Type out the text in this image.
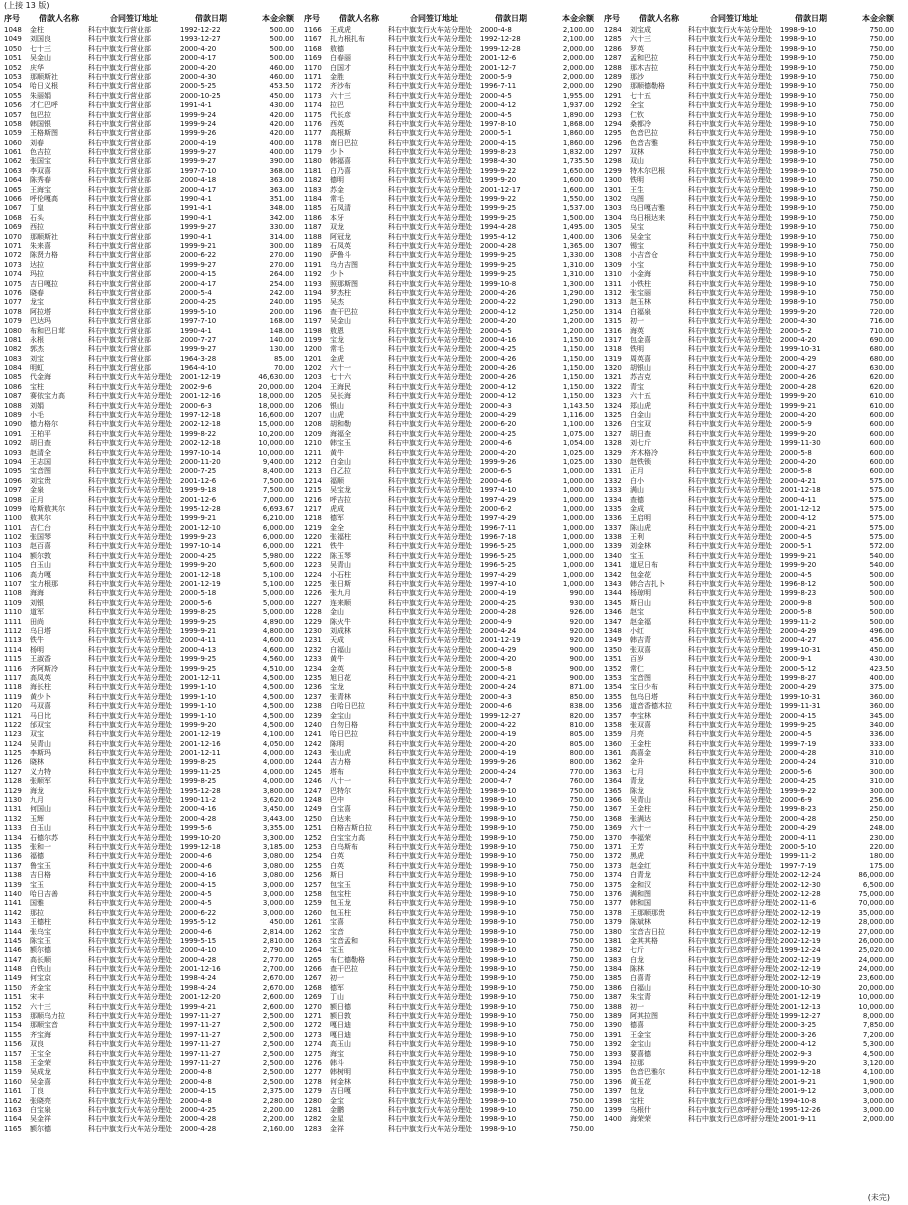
(上接 13 版)
序号	借款人名称	合同签订地址	借款日期	本金余额
1048	金柱	科右中旗支行营业部	1992-12-22	500.00
1049	刘国良	科右中旗支行营业部	1993-12-27	500.00
1050	七十三	科右中旗支行营业部	2000-4-20	500.00
1051	吴金山	科右中旗支行营业部	2000-4-17	500.00
1052	庆华	科右中旗支行营业部	2000-4-20	460.00
1053	那顺斯社	科右中旗支行营业部	2000-4-30	460.00
1054	哈日义根	科右中旗支行营业部	2000-5-25	453.50
1055	朱丽娟	科右中旗支行营业部	2000-10-25	450.00
1056	才仁巴呼	科右中旗支行营业部	1991-4-1	430.00
1057	包巴拉	科右中旗支行营业部	1999-9-24	420.00
1058	韩国银	科右中旗支行营业部	1999-9-24	420.00
1059	王格斯图	科右中旗支行营业部	1999-9-26	420.00
1060	刘春	科右中旗支行营业部	2000-4-19	400.00
1061	色吉拉	科右中旗支行营业部	1999-9-27	400.00
1062	张国宝	科右中旗支行营业部	1999-9-27	390.00
1063	李双喜	科右中旗支行营业部	1997-7-10	368.00
1064	陈秀春	科右中旗支行营业部	2000-4-18	363.00
1065	王海宝	科右中旗支行营业部	2000-4-17	363.00
1066	呼伦嘎高	科右中旗支行营业部	1990-4-1	351.00
1067	丁皇	科右中旗支行营业部	1991-4-1	348.00
1068	石头	科右中旗支行营业部	1990-4-1	342.00
1069	西拉	科右中旗支行营业部	1999-9-27	330.00
1070	那顺斯社	科右中旗支行营业部	1990-4-1	314.00
1071	朱来喜	科右中旗支行营业部	1999-9-21	300.00
1072	陈贤力格	科右中旗支行营业部	2000-6-22	270.00
1073	达拉	科右中旗支行营业部	1999-9-27	270.00
1074	玛拉	科右中旗支行营业部	2000-4-15	264.00
1075	吉日嘎拉	科右中旗支行营业部	2000-4-17	254.00
1076	晓春	科右中旗支行营业部	2000-5-4	242.00
1077	龙宝	科右中旗支行营业部	2000-4-25	240.00
1078	阿拉塔	科右中旗支行营业部	1999-5-10	200.00
1079	巴达玛	科右中旗支行营业部	1997-7-10	168.00
1080	布和巴日茸	科右中旗支行营业部	1990-4-1	148.00
1081	永根	科右中旗支行营业部	2000-7-27	140.00
1082	郭杰	科右中旗支行营业部	1999-9-27	130.00
1083	刘宝	科右中旗支行营业部	1964-3-28	85.00
1084	明虹	科右中旗支行营业部	1964-4-10	70.00
1085	代金海	科右中旗支行火车站分理处	2001-12-19	46,630.00
1086	宝柱	科右中旗支行火车站分理处	2002-9-6	20,000.00
1087	赛依宝力高	科右中旗支行火车站分理处	2001-12-16	18,000.00
1088	刘娟	科右中旗支行火车站分理处	2000-6-3	18,000.00
1089	小毛	科右中旗支行火车站分理处	1997-12-18	16,600.00
1090	德力格尔	科右中旗支行火车站分理处	2002-12-18	15,000.00
1091	王柏平	科右中旗支行火车站分理处	1999-8-22	10,200.00
1092	胡日查	科右中旗支行火车站分理处	2002-12-18	10,000.00
1093	赵清全	科右中旗支行火车站分理处	1997-10-14	10,000.00
1094	王志国	科右中旗支行火车站分理处	2000-11-20	9,400.00
1095	宝音图	科右中旗支行火车站分理处	2000-7-25	8,400.00
1096	刘宝贵	科右中旗支行火车站分理处	2001-12-6	7,500.00
1097	金泉	科右中旗支行火车站分理处	1999-9-18	7,500.00
1098	正月	科右中旗支行火车站分理处	2001-12-6	7,000.00
1099	哈斯敖其尔	科右中旗支行火车站分理处	1995-12-28	6,693.67
1100	敖其尔	科右中旗支行火车站分理处	1999-9-21	6,210.00
1101	吉仁台	科右中旗支行火车站分理处	2001-12-10	6,000.00
1102	张国琴	科右中旗支行火车站分理处	1999-9-23	6,000.00
1103	赵百喜	科右中旗支行火车站分理处	1997-10-14	6,000.00
1104	额尔敦	科右中旗支行火车站分理处	2000-4-25	5,980.00
1105	白玉山	科右中旗支行火车站分理处	1999-9-20	5,600.00
1106	高力嘎	科右中旗支行火车站分理处	2001-12-18	5,100.00
1107	宝力根那	科右中旗支行火车站分理处	2001-12-19	5,100.00
1108	海海	科右中旗支行火车站分理处	2000-5-18	5,000.00
1109	刘银	科右中旗支行火车站分理处	2000-5-6	5,000.00
1110	道军	科右中旗支行火车站分理处	1999-8-25	5,000.00
1111	田尚	科右中旗支行火车站分理处	1999-9-25	4,890.00
1112	乌日塔	科右中旗支行火车站分理处	1999-9-21	4,800.00
1113	铁牛	科右中旗支行火车站分理处	2000-4-11	4,600.00
1114	杨明	科右中旗支行火车站分理处	2000-4-13	4,600.00
1115	王淑香	科右中旗支行火车站分理处	1999-9-25	4,560.00
1116	齐阿斯冷	科右中旗支行火车站分理处	1999-9-25	4,510.00
1117	高凤英	科右中旗支行火车站分理处	2001-12-11	4,500.00
1118	海长柱	科右中旗支行火车站分理处	1999-1-10	4,500.00
1119	黄少卜	科右中旗支行火车站分理处	1999-1-10	4,500.00
1120	马双喜	科右中旗支行火车站分理处	1999-1-10	4,500.00
1121	马日比	科右中旗支行火车站分理处	1999-1-10	4,500.00
1122	邰双宝	科右中旗支行火车站分理处	1999-9-20	4,500.00
1123	双宝	科右中旗支行火车站分理处	2001-12-19	4,100.00
1124	吴青山	科右中旗支行火车站分理处	2001-12-16	4,050.00
1125	李斯玛	科右中旗支行火车站分理处	2001-12-11	4,000.00
1126	晓林	科右中旗支行火车站分理处	1999-8-25	4,000.00
1127	义力特	科右中旗支行火车站分理处	1999-11-25	4,000.00
1128	张顺军	科右中旗支行火车站分理处	1999-8-25	4,000.00
1129	海龙	科右中旗支行火车站分理处	1995-12-28	3,800.00
1130	九月	科右中旗支行火车站分理处	1990-11-2	3,620.00
1131	何国山	科右中旗支行火车站分理处	2000-4-16	3,450.00
1132	玉辉	科右中旗支行火车站分理处	2000-4-28	3,443.00
1133	白玉山	科右中旗支行火车站分理处	1999-5-6	3,355.00
1134	石德尔苏	科右中旗支行火车站分理处	1999-10-20	3,300.00
1135	张和一	科右中旗支行火车站分理处	1999-12-18	3,185.00
1136	福德	科右中旗支行火车站分理处	2000-4-6	3,080.00
1137	鲁宝玉	科右中旗支行火车站分理处	2000-4-6	3,080.00
1138	吉日格	科右中旗支行火车站分理处	2000-4-16	3,080.00
1139	宝玉	科右中旗支行火车站分理处	2000-4-15	3,000.00
1140	哈日吉善	科右中旗支行火车站分理处	2000-4-5	3,000.00
1141	国雅	科右中旗支行火车站分理处	2000-4-5	3,000.00
1142	那拉	科右中旗支行火车站分理处	2000-6-22	3,000.00
1143	王德柱	科右中旗支行火车站分理处	1995-5-12	450.00
1144	张乌宝	科右中旗支行火车站分理处	2000-4-6	2,814.00
1145	陈宝玉	科右中旗支行火车站分理处	1999-5-15	2,810.00
1146	额尔德	科右中旗支行火车站分理处	2000-4-10	2,790.00
1147	高长顺	科右中旗支行火车站分理处	2000-4-28	2,770.00
1148	白铁山	科右中旗支行火车站分理处	2001-12-16	2,700.00
1149	何宝京	科右中旗支行火车站分理处	1998-4-24	2,670.00
1150	齐金宝	科右中旗支行火车站分理处	1998-4-24	2,670.00
1151	宋丰	科右中旗支行火车站分理处	2001-12-20	2,600.00
1152	六十三	科右中旗支行火车站分理处	1999-4-21	2,600.00
1153	那顺乌力拉	科右中旗支行火车站分理处	1997-11-27	2,500.00
1154	那顺宝音	科右中旗支行火车站分理处	1997-11-27	2,500.00
1155	齐宝海	科右中旗支行火车站分理处	1997-11-27	2,500.00
1156	双良	科右中旗支行火车站分理处	1997-11-27	2,500.00
1157	王宝全	科右中旗支行火车站分理处	1997-11-27	2,500.00
1158	王金荣	科右中旗支行火车站分理处	1997-11-27	2,500.00
1159	吴成龙	科右中旗支行火车站分理处	2000-4-8	2,500.00
1160	吴金喜	科右中旗支行火车站分理处	2000-4-8	2,500.00
1161	丁良	科右中旗支行火车站分理处	2000-4-15	2,375.00
1162	张晓亮	科右中旗支行火车站分理处	2000-4-8	2,280.00
1163	白宝泉	科右中旗支行火车站分理处	2000-4-25	2,200.00
1164	吴金祥	科右中旗支行火车站分理处	2000-4-28	2,200.00
1165	额尔德	科右中旗支行火车站分理处	2000-4-28	2,160.00
序号	借款人名称	合同签订地址	借款日期	本金余额
1166	王成虎	科右中旗支行火车站分理处	2000-4-8	2,100.00
1167	扎力根扎布	科右中旗支行火车站分理处	1992-12-28	2,100.00
1168	敖德	科右中旗支行火车站分理处	1999-12-28	2,000.00
1169	白春丽	科右中旗支行火车站分理处	2001-12-6	2,000.00
1170	白国才	科右中旗支行火车站分理处	2001-12-7	2,000.00
1171	金胜	科右中旗支行火车站分理处	2000-5-9	2,000.00
1172	齐沙布	科右中旗支行火车站分理处	1996-7-11	2,000.00
1173	六十三	科右中旗支行火车站分理处	2000-4-5	1,955.00
1174	拉巴	科右中旗支行火车站分理处	2000-4-12	1,937.00
1175	代长彦	科右中旗支行火车站分理处	2000-4-5	1,890.00
1176	西英	科右中旗支行火车站分理处	1997-8-10	1,868.00
1177	高根斯	科右中旗支行火车站分理处	2000-5-1	1,860.00
1178	南日巴拉	科右中旗支行火车站分理处	2000-4-15	1,860.00
1179	少卜	科右中旗支行火车站分理处	1999-8-23	1,832.00
1180	韩福喜	科右中旗支行火车站分理处	1998-4-30	1,735.50
1181	白乃喜	科右中旗支行火车站分理处	1999-9-22	1,650.00
1182	德明	科右中旗支行火车站分理处	1999-9-20	1,600.00
1183	苏金	科右中旗支行火车站分理处	2001-12-17	1,600.00
1184	常毛	科右中旗支行火车站分理处	1999-9-22	1,550.00
1185	石凤清	科右中旗支行火车站分理处	1999-9-25	1,537.00
1186	本牙	科右中旗支行火车站分理处	1999-9-25	1,500.00
1187	双龙	科右中旗支行火车站分理处	1994-4-28	1,495.00
1188	阿冠龙	科右中旗支行火车站分理处	1995-4-12	1,400.00
1189	石凤英	科右中旗支行火车站分理处	2000-4-28	1,365.00
1190	萨鲁斗	科右中旗支行火车站分理处	1999-9-25	1,330.00
1191	乌力吉图	科右中旗支行火车站分理处	1999-9-25	1,310.00
1192	少卜	科右中旗支行火车站分理处	1999-9-25	1,310.00
1193	照那斯图	科右中旗支行火车站分理处	1999-10-8	1,300.00
1194	罗杰柱	科右中旗支行火车站分理处	2000-4-26	1,290.00
1195	吴杰	科右中旗支行火车站分理处	2000-4-22	1,290.00
1196	查干巴拉	科右中旗支行火车站分理处	2000-4-12	1,250.00
1197	吴金山	科右中旗支行火车站分理处	2000-4-20	1,200.00
1198	敖恩	科右中旗支行火车站分理处	2000-4-5	1,200.00
1199	宝龙	科右中旗支行火车站分理处	2000-4-16	1,150.00
1200	常毛	科右中旗支行火车站分理处	2000-4-25	1,150.00
1201	金虎	科右中旗支行火车站分理处	2000-4-26	1,150.00
1202	六十一	科右中旗支行火车站分理处	2000-4-26	1,150.00
1203	七十六	科右中旗支行火车站分理处	2000-4-26	1,150.00
1204	王海民	科右中旗支行火车站分理处	2000-4-12	1,150.00
1205	吴长海	科右中旗支行火车站分理处	2000-4-12	1,150.00
1206	银山	科右中旗支行火车站分理处	2000-4-3	1,143.50
1207	山虎	科右中旗支行火车站分理处	2000-4-29	1,116.00
1208	胡和勒	科右中旗支行火车站分理处	2000-6-20	1,100.00
1209	海福全	科右中旗支行火车站分理处	2000-4-25	1,075.00
1210	韩宝玉	科右中旗支行火车站分理处	2000-4-6	1,054.00
1211	黄牛	科右中旗支行火车站分理处	2000-4-20	1,025.00
1212	白金山	科右中旗支行火车站分理处	1999-9-26	1,025.00
1213	白乙拉	科右中旗支行火车站分理处	2000-6-5	1,000.00
1214	福顺	科右中旗支行火车站分理处	2000-4-6	1,000.00
1215	吴宝龙	科右中旗支行火车站分理处	1997-4-10	1,000.00
1216	呼吉拉	科右中旗支行火车站分理处	1997-4-29	1,000.00
1217	虎成	科右中旗支行火车站分理处	2000-6-2	1,000.00
1218	德军	科右中旗支行火车站分理处	1997-4-29	1,000.00
1219	金全	科右中旗支行火车站分理处	1996-7-11	1,000.00
1220	张福柱	科右中旗支行火车站分理处	1996-7-18	1,000.00
1221	铁牛	科右中旗支行火车站分理处	1996-5-25	1,000.00
1222	陈玉琴	科右中旗支行火车站分理处	1996-5-25	1,000.00
1223	吴青山	科右中旗支行火车站分理处	1996-5-25	1,000.00
1224	小石柱	科右中旗支行火车站分理处	1997-4-29	1,000.00
1225	张日斯	科右中旗支行火车站分理处	1997-4-10	1,000.00
1226	张九月	科右中旗支行火车站分理处	2000-4-19	990.00
1227	连来顺	科右中旗支行火车站分理处	2000-4-25	930.00
1228	金山	科右中旗支行火车站分理处	2000-4-28	926.00
1229	陈火牛	科右中旗支行火车站分理处	2000-4-9	920.00
1230	刘成林	科右中旗支行火车站分理处	2000-4-24	920.00
1231	天成	科右中旗支行火车站分理处	2001-12-19	920.00
1232	白福山	科右中旗支行火车站分理处	2000-4-29	900.00
1233	黄牛	科右中旗支行火车站分理处	2000-4-20	900.00
1234	金英	科右中旗支行火车站分理处	2000-5-8	900.00
1235	旭日花	科右中旗支行火车站分理处	2000-4-21	900.00
1236	宝龙	科右中旗支行火车站分理处	2000-4-24	871.00
1237	张青林	科右中旗支行火车站分理处	2000-4-3	850.00
1238	白哈日巴拉	科右中旗支行火车站分理处	2000-4-6	838.00
1239	金宝山	科右中旗支行火车站分理处	1999-12-27	820.00
1240	白勿日格	科右中旗支行火车站分理处	2000-4-22	810.00
1241	哈日巴拉	科右中旗支行火车站分理处	2000-4-19	805.00
1242	陈明	科右中旗支行火车站分理处	2000-4-20	805.00
1243	张山虎	科右中旗支行火车站分理处	2000-4-19	800.00
1244	吉力格	科右中旗支行火车站分理处	1999-9-26	800.00
1245	塔布	科右中旗支行火车站分理处	2000-4-24	770.00
1246	八十一	科右中旗支行火车站分理处	2000-4-7	760.00
1247	巴特尔	科右中旗支行火车站分理处	1998-9-10	750.00
1248	巴中	科右中旗支行火车站分理处	1998-9-10	750.00
1249	白宝喜	科右中旗支行火车站分理处	1998-9-10	750.00
1250	白达来	科右中旗支行火车站分理处	1998-9-10	750.00
1251	白格吉斯白拉	科右中旗支行火车站分理处	1998-9-10	750.00
1252	白宝宝力高	科右中旗支行火车站分理处	1998-9-10	750.00
1253	白乌斯布	科右中旗支行火车站分理处	1998-9-10	750.00
1254	白英	科右中旗支行火车站分理处	1998-9-10	750.00
1255	白英	科右中旗支行火车站分理处	1998-9-10	750.00
1256	斯日	科右中旗支行火车站分理处	1998-9-10	750.00
1257	包宝玉	科右中旗支行火车站分理处	1998-9-10	750.00
1258	包宝柱	科右中旗支行火车站分理处	1998-9-10	750.00
1259	包玉龙	科右中旗支行火车站分理处	1998-9-10	750.00
1260	包玉柱	科右中旗支行火车站分理处	1998-9-10	750.00
1261	宝喜	科右中旗支行火车站分理处	1998-9-10	750.00
1262	宝音	科右中旗支行火车站分理处	1998-9-10	750.00
1263	宝音孟和	科右中旗支行火车站分理处	1998-9-10	750.00
1264	宝玉	科右中旗支行火车站分理处	1998-9-10	750.00
1265	布仁德勒格	科右中旗支行火车站分理处	1998-9-10	750.00
1266	查干巴拉	科右中旗支行火车站分理处	1998-9-10	750.00
1267	初一	科右中旗支行火车站分理处	1998-9-10	750.00
1268	德军	科右中旗支行火车站分理处	1998-9-10	750.00
1269	丁山	科右中旗支行火车站分理处	1998-9-10	750.00
1270	额日德	科右中旗支行火车站分理处	1998-9-10	750.00
1271	额日敦	科右中旗支行火车站分理处	1998-9-10	750.00
1272	嘎日迪	科右中旗支行火车站分理处	1998-9-10	750.00
1273	嘎日迪	科右中旗支行火车站分理处	1998-9-10	750.00
1274	高玉山	科右中旗支行火车站分理处	1998-9-10	750.00
1275	海宝	科右中旗支行火车站分理处	1998-9-10	750.00
1276	韩斗	科右中旗支行火车站分理处	1998-9-10	750.00
1277	韩树明	科右中旗支行火车站分理处	1998-9-10	750.00
1278	何金林	科右中旗支行火车站分理处	1998-9-10	750.00
1279	吉日嘎	科右中旗支行火车站分理处	1998-9-10	750.00
1280	金宝	科右中旗支行火车站分理处	1998-9-10	750.00
1281	金鹏	科右中旗支行火车站分理处	1998-9-10	750.00
1282	金星	科右中旗支行火车站分理处	1998-9-10	750.00
1283	金祥	科右中旗支行火车站分理处	1998-9-10	750.00
序号	借款人名称	合同签订地址	借款日期	本金余额
1284	刘宝成	科右中旗支行火车站分理处	1998-9-10	750.00
1285	六十三	科右中旗支行火车站分理处	1998-9-10	750.00
1286	罗英	科右中旗支行火车站分理处	1998-9-10	750.00
1287	孟和巴拉	科右中旗支行火车站分理处	1998-9-10	750.00
1288	那木吉拉	科右中旗支行火车站分理处	1998-9-10	750.00
1289	那沙	科右中旗支行火车站分理处	1998-9-10	750.00
1290	那顺德勒格	科右中旗支行火车站分理处	1998-9-10	750.00
1291	七十五	科右中旗支行火车站分理处	1998-9-10	750.00
1292	全宝	科右中旗支行火车站分理处	1998-9-10	750.00
1293	仁钦	科右中旗支行火车站分理处	1998-9-10	750.00
1294	桑都冷	科右中旗支行火车站分理处	1998-9-10	750.00
1295	色音巴拉	科右中旗支行火车站分理处	1998-9-10	750.00
1296	色音吉雅	科右中旗支行火车站分理处	1998-9-10	750.00
1297	双林	科右中旗支行火车站分理处	1998-9-10	750.00
1298	双山	科右中旗支行火车站分理处	1998-9-10	750.00
1299	特木尔巴根	科右中旗支行火车站分理处	1998-9-10	750.00
1300	铁明	科右中旗支行火车站分理处	1998-9-10	750.00
1301	王生	科右中旗支行火车站分理处	1998-9-10	750.00
1302	乌图	科右中旗支行火车站分理处	1998-9-10	750.00
1303	乌日嘎吉雅	科右中旗支行火车站分理处	1998-9-10	750.00
1304	乌日根达来	科右中旗支行火车站分理处	1998-9-10	750.00
1305	吴宝	科右中旗支行火车站分理处	1998-9-10	750.00
1306	吴金宝	科右中旗支行火车站分理处	1998-9-10	750.00
1307	锡宝	科右中旗支行火车站分理处	1998-9-10	750.00
1308	小吉音仓	科右中旗支行火车站分理处	1998-9-10	750.00
1309	小宝	科右中旗支行火车站分理处	1998-9-10	750.00
1310	小金海	科右中旗支行火车站分理处	1998-9-10	750.00
1311	小铁柱	科右中旗支行火车站分理处	1998-9-10	750.00
1312	张宝丽	科右中旗支行火车站分理处	1998-9-10	750.00
1313	赵玉林	科右中旗支行火车站分理处	1998-9-10	750.00
1314	白福泉	科右中旗支行火车站分理处	1999-9-20	720.00
1315	初一	科右中旗支行火车站分理处	2000-4-30	716.00
1316	海英	科右中旗支行火车站分理处	2000-5-2	710.00
1317	包金喜	科右中旗支行火车站分理处	2000-4-20	690.00
1318	铁明	科右中旗支行火车站分理处	1999-10-31	680.00
1319	周英喜	科右中旗支行火车站分理处	2000-4-29	680.00
1320	胡银山	科右中旗支行火车站分理处	2000-4-27	630.00
1321	苏吉克	科右中旗支行火车站分理处	2000-4-26	620.00
1322	青宝	科右中旗支行火车站分理处	2000-4-28	620.00
1323	六十五	科右中旗支行火车站分理处	1999-9-20	610.00
1324	郑山虎	科右中旗支行火车站分理处	1999-9-21	610.00
1325	白金山	科右中旗支行火车站分理处	2000-4-20	600.00
1326	白宝双	科右中旗支行火车站分理处	2000-5-9	600.00
1327	胡日查	科右中旗支行火车站分理处	1999-9-20	600.00
1328	刘七斤	科右中旗支行火车站分理处	1999-11-30	600.00
1329	齐木格冷	科右中旗支行火车站分理处	2000-5-8	600.00
1330	赵铁锁	科右中旗支行火车站分理处	2000-4-20	600.00
1331	正月	科右中旗支行火车站分理处	2000-5-8	600.00
1332	白小	科右中旗支行火车站分理处	2000-4-21	575.00
1333	满山	科右中旗支行火车站分理处	2001-12-18	575.00
1334	查德	科右中旗支行火车站分理处	2000-4-11	575.00
1335	金成	科右中旗支行火车站分理处	2001-12-12	575.00
1336	王启明	科右中旗支行火车站分理处	2000-4-12	575.00
1337	陈山虎	科右中旗支行火车站分理处	2000-4-21	575.00
1338	王利	科右中旗支行火车站分理处	2000-4-5	575.00
1339	刘金林	科右中旗支行火车站分理处	2000-5-1	572.00
1340	宝玉	科右中旗支行火车站分理处	1999-9-21	540.00
1341	道尼日布	科右中旗支行火车站分理处	1999-9-20	540.00
1342	包金花	科右中旗支行火车站分理处	2000-4-5	500.00
1343	韩合吉扎卜	科右中旗支行火车站分理处	1996-8-12	500.00
1344	杨琼明	科右中旗支行火车站分理处	1999-8-23	500.00
1345	斯日山	科右中旗支行火车站分理处	2000-9-8	500.00
1346	赵宝	科右中旗支行火车站分理处	2000-5-8	500.00
1347	赵金福	科右中旗支行火车站分理处	1999-11-2	500.00
1348	小红	科右中旗支行火车站分理处	2000-4-29	496.00
1349	韩吉青	科右中旗支行火车站分理处	2000-4-27	456.00
1350	张双喜	科右中旗支行火车站分理处	1999-10-31	450.00
1351	百岁	科右中旗支行火车站分理处	2000-9-1	430.00
1352	常仁	科右中旗支行火车站分理处	2000-5-12	423.50
1353	宝音图	科右中旗支行火车站分理处	1999-8-27	400.00
1354	宝日少布	科右中旗支行火车站分理处	2000-4-29	375.00
1355	包乌日塔	科右中旗支行火车站分理处	1999-10-31	360.00
1356	道音香德木拉	科右中旗支行火车站分理处	1999-11-31	360.00
1357	李宝林	科右中旗支行火车站分理处	2000-4-15	345.00
1358	张双喜	科右中旗支行火车站分理处	1999-9-25	340.00
1359	月亮	科右中旗支行火车站分理处	2000-4-5	336.00
1360	王金柱	科右中旗支行火车站分理处	1999-7-19	333.00
1361	高喜金	科右中旗支行火车站分理处	2000-4-28	310.00
1362	金升	科右中旗支行火车站分理处	2000-4-24	310.00
1363	七月	科右中旗支行火车站分理处	2000-5-6	300.00
1364	青龙	科右中旗支行火车站分理处	2000-4-25	310.00
1365	陈龙	科右中旗支行火车站分理处	1999-9-22	300.00
1366	吴青山	科右中旗支行火车站分理处	2000-6-9	256.00
1367	王金柱	科右中旗支行火车站分理处	1999-8-23	250.00
1368	张满达	科右中旗支行火车站分理处	2000-4-28	250.00
1369	六十一	科右中旗支行火车站分理处	2000-4-29	248.00
1370	李福荣	科右中旗支行火车站分理处	2000-4-11	230.00
1371	王芳	科右中旗支行火车站分理处	2000-5-10	220.00
1372	黑虎	科右中旗支行火车站分理处	1999-11-2	180.00
1373	赵金红	科右中旗支行火车站分理处	1997-7-19	175.00
1374	白青龙	科右中旗支行巴彦呼舒分理处 2002-12-24	86,000.00
1375	金和汉	科右中旗支行巴彦呼舒分理处 2002-12-30	6,500.00
1376	满和图	科右中旗支行巴彦呼舒分理处 2002-12-28	75,000.00
1377	韩和国	科右中旗支行巴彦呼舒分理处 2002-11-6	70,000.00
1378	王那顺那贵	科右中旗支行巴彦呼舒分理处 2002-12-19	35,000.00
1379	陈斌林	科右中旗支行巴彦呼舒分理处 2002-12-19	28,000.00
1380	宝音吉日拉	科右中旗支行巴彦呼舒分理处 2002-12-19	27,000.00
1381	金其其格	科右中旗支行巴彦呼舒分理处 2002-12-19	26,000.00
1382	七斤	科右中旗支行巴彦呼舒分理处 1999-12-24	25,020.00
1383	白龙	科右中旗支行巴彦呼舒分理处 2002-12-19	24,000.00
1384	陈林	科右中旗支行巴彦呼舒分理处 2002-12-19	24,000.00
1385	白喜青	科右中旗支行巴彦呼舒分理处 2002-12-19	23,600.00
1386	白福山	科右中旗支行巴彦呼舒分理处 2000-10-30	20,000.00
1387	朱宝青	科右中旗支行巴彦呼舒分理处 2001-12-19	10,000.00
1388	初一	科右中旗支行巴彦呼舒分理处 2001-12-13	10,000.00
1389	阿其拉图	科右中旗支行巴彦呼舒分理处 1999-12-27	8,000.00
1390	德喜	科右中旗支行巴彦呼舒分理处 2000-3-25	7,850.00
1391	王金宝	科右中旗支行巴彦呼舒分理处 2000-3-26	7,200.00
1392	金宝山	科右中旗支行巴彦呼舒分理处 2000-4-12	5,300.00
1393	要喜德	科右中旗支行巴彦呼舒分理处 2002-9-3	4,500.00
1394	拉那	科右中旗支行巴彦呼舒分理处 1999-9-20	3,120.00
1395	色音巴雅尔	科右中旗支行巴彦呼舒分理处 2001-12-18	4,100.00
1396	黄玉花	科右中旗支行巴彦呼舒分理处 2001-9-21	1,900.00
1397	包龙	科右中旗支行巴彦呼舒分理处 2001-9-12	3,000.00
1398	宝柱	科右中旗支行巴彦呼舒分理处 1994-10-8	3,000.00
1399	乌根什	科右中旗支行巴彦呼舒分理处 1995-12-26	3,000.00
1400	海荣荣	科右中旗支行巴彦呼舒分理处 2001-9-11	2,000.00
(未完)
